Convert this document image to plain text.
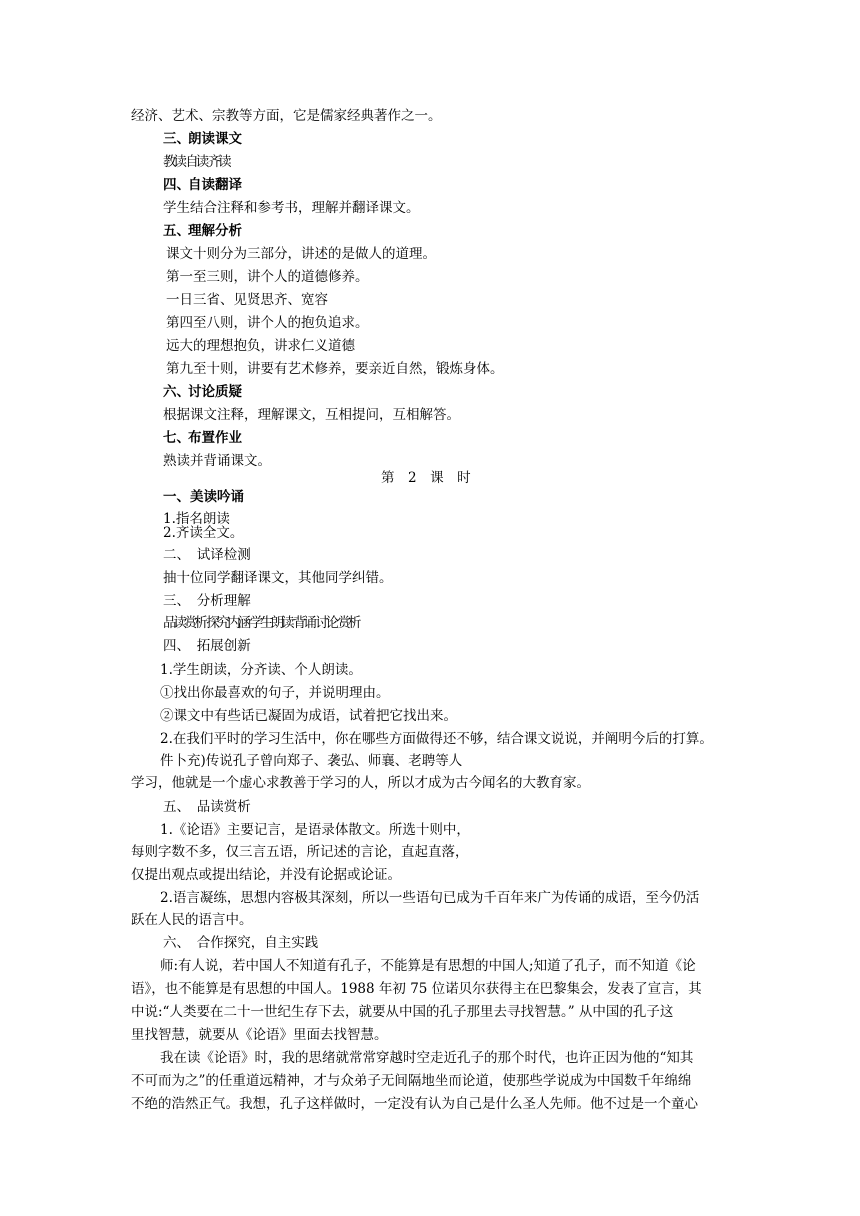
经济、艺术、宗教等方面，它是儒家经典著作之一。
三、朗读课文
教读 自读 齐读
四、自读翻译
学生结合注释和参考书，理解并翻译课文。
五、理解分析
课文十则分为三部分，讲述的是做人的道理。
第一至三则，讲个人的道德修养。
一日三省、见贤思齐、宽容
第四至八则，讲个人的抱负追求。
远大的理想抱负，讲求仁义道德
第九至十则，讲要有艺术修养，要亲近自然，锻炼身体。
六、讨论质疑
根据课文注释，理解课文，互相提问，互相解答。
七、布置作业
熟读并背诵课文。
第　2　课　时
一、美读吟诵
1.指名朗读
2.齐读全文。
二、　试译检测
抽十位同学翻译课文，其他同学纠错。
三、　分析理解
品读赏析 探究内涵 学生朗读 背诵 讨论 赏析
四、　拓展创新
1.学生朗读，分齐读、个人朗读。
①找出你最喜欢的句子，并说明理由。
②课文中有些话已凝固为成语，试着把它找出来。
2.在我们平时的学习生活中，你在哪些方面做得还不够，结合课文说说，并阐明今后的打算。
件卜充)传说孔子曾向郑子、袭弘、师襄、老聘等人
学习，他就是一个虚心求教善于学习的人，所以才成为古今闻名的大教育家。
五、　品读赏析
1.《论语》主要记言，是语录体散文。所选十则中，
每则字数不多，仅三言五语，所记述的言论，直起直落，
仅提出观点或提出结论，并没有论据或论证。
2.语言凝练，思想内容极其深刻，所以一些语句已成为千百年来广为传诵的成语，至今仍活
跃在人民的语言中。
六、　合作探究，自主实践
师:有人说，若中国人不知道有孔子，不能算是有思想的中国人;知道了孔子，而不知道《论
语》，也不能算是有思想的中国人。1988 年初 75 位诺贝尔获得主在巴黎集会，发表了宣言，其
中说:“人类要在二十一世纪生存下去，就要从中国的孔子那里去寻找智慧。” 从中国的孔子这
里找智慧，就要从《论语》里面去找智慧。
我在读《论语》时，我的思绪就常常穿越时空走近孔子的那个时代，也许正因为他的“知其
不可而为之”的任重道远精神，才与众弟子无间隔地坐而论道，使那些学说成为中国数千年绵绵
不绝的浩然正气。我想，孔子这样做时，一定没有认为自己是什么圣人先师。他不过是一个童心
